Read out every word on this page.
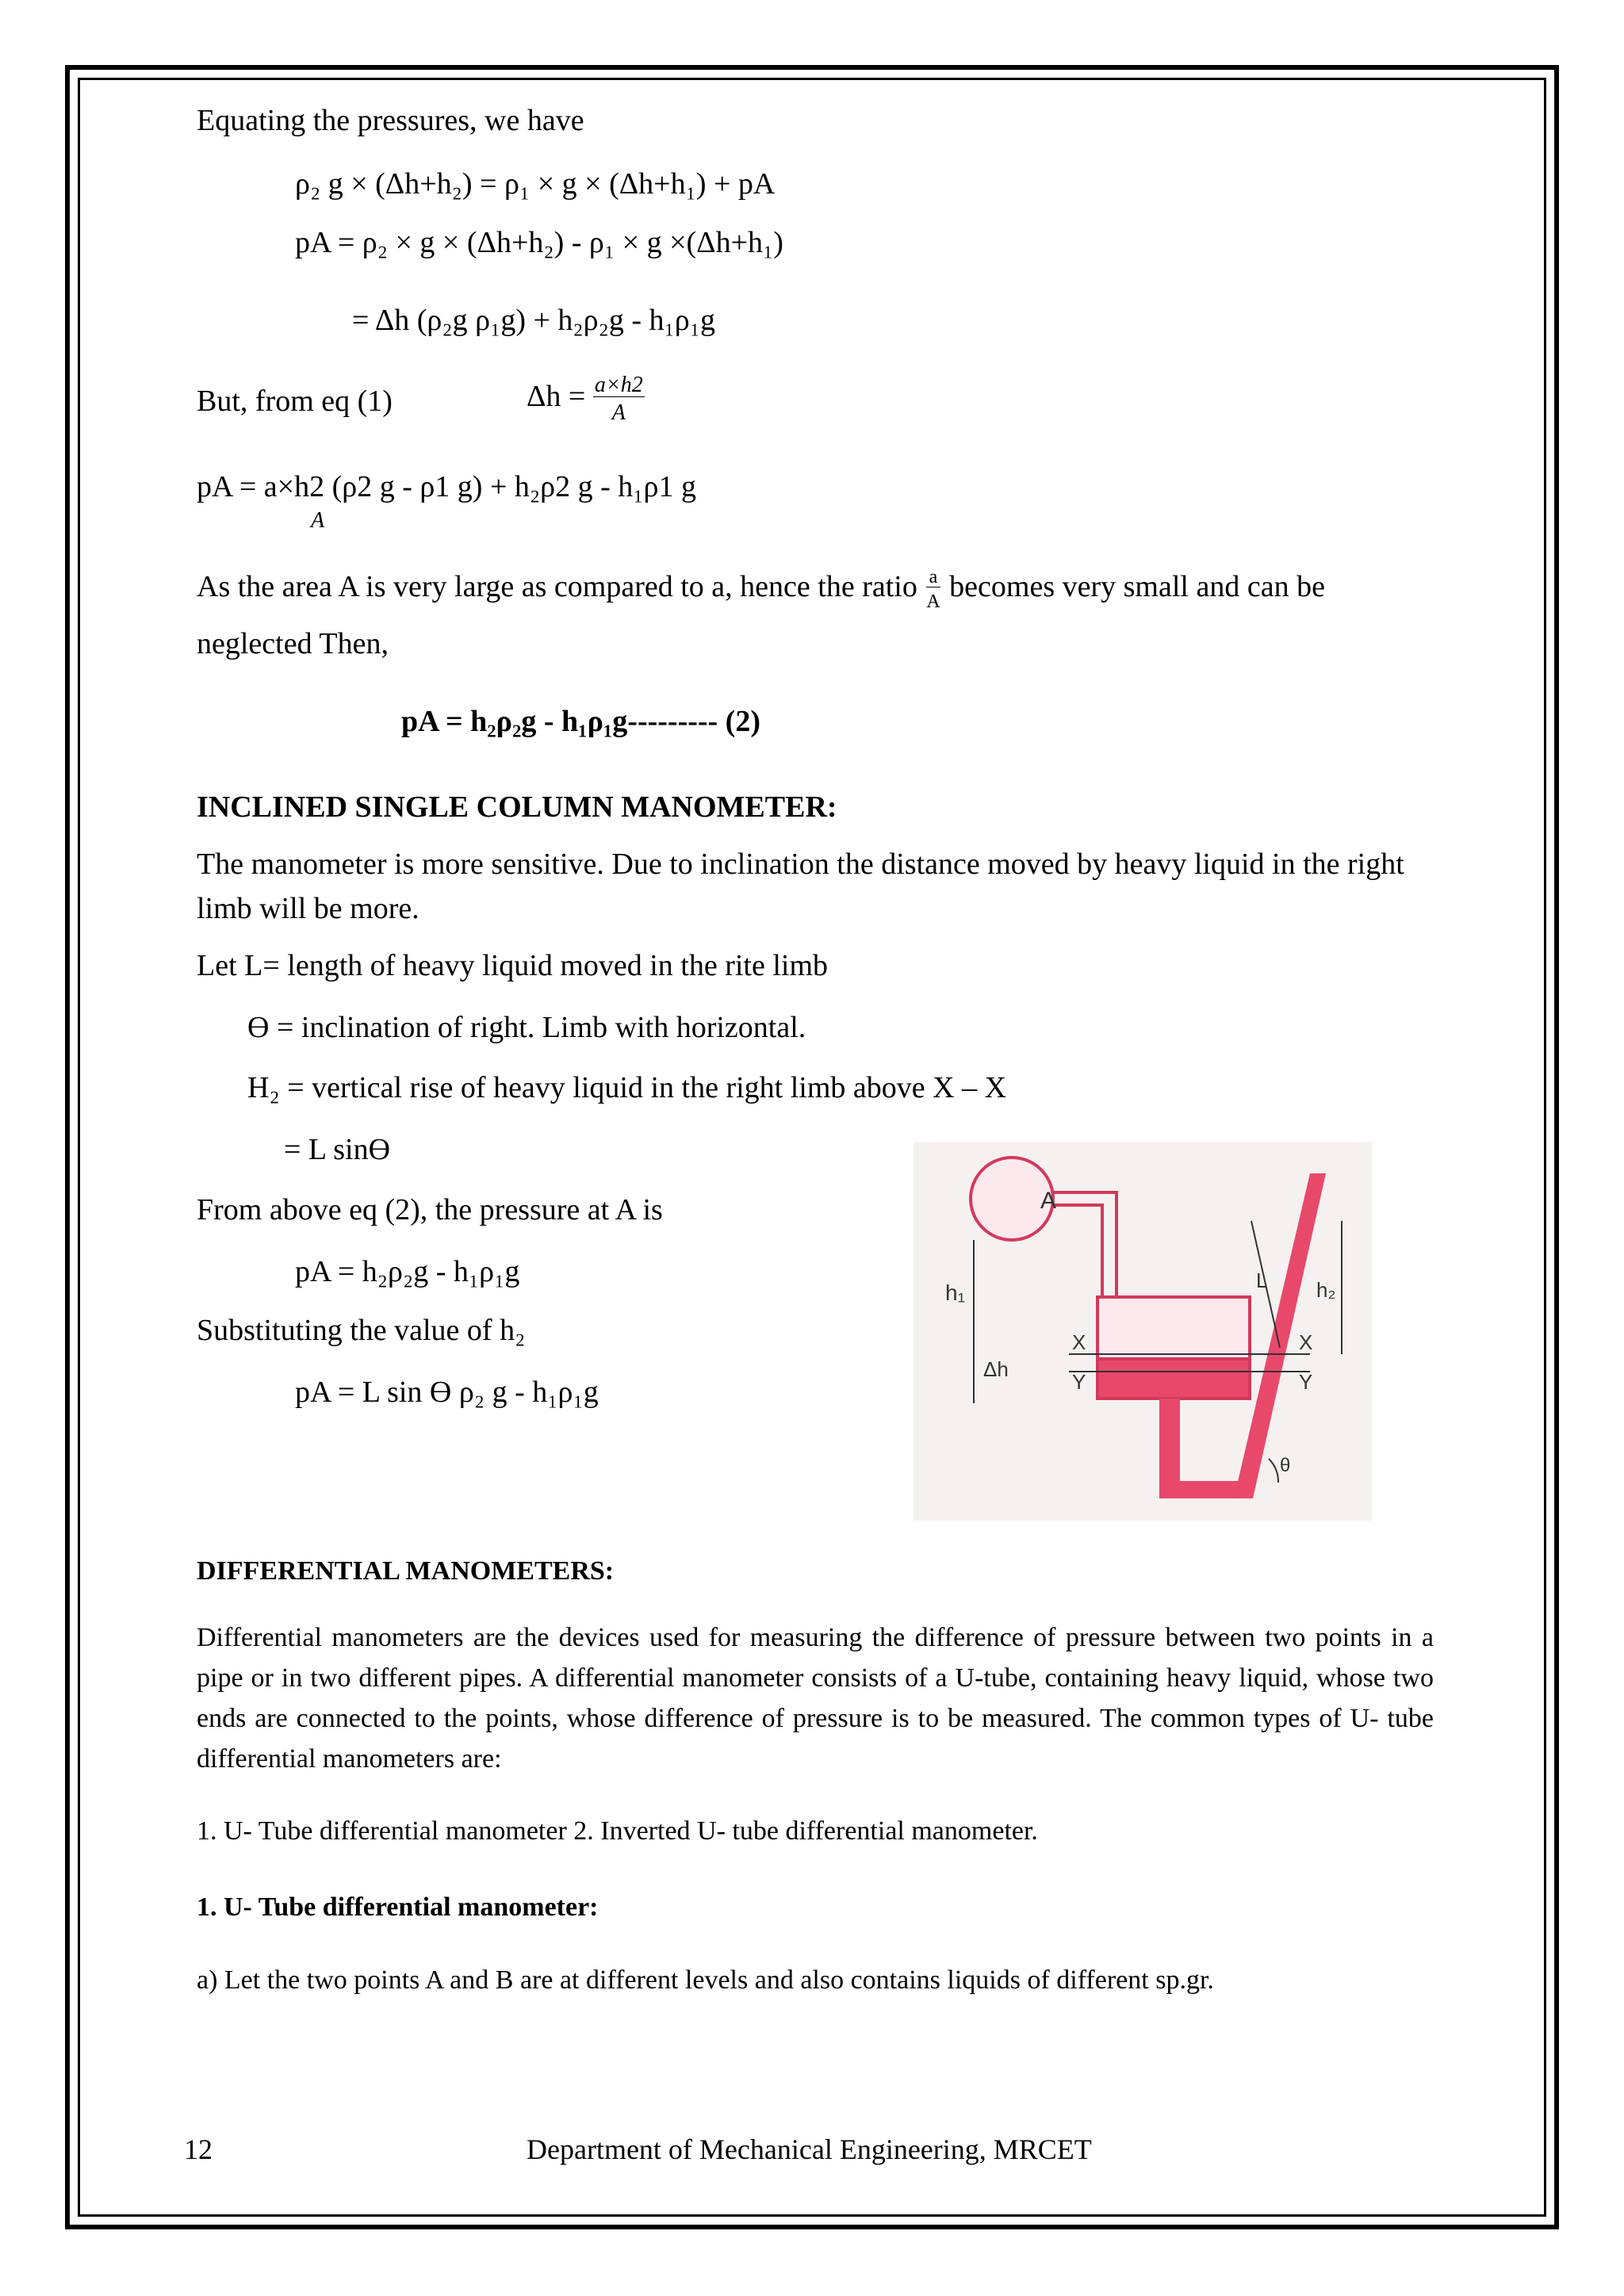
Equating the pressures, we have
ρ₂ g × (Δh+h₂) = ρ₁ × g × (Δh+h₁) + pA
pA = ρ₂ × g × (Δh+h₂) - ρ₁ × g ×(Δh+h₁)
= Δh (ρ₂g ρ₁g) + h₂ρ₂g - h₁ρ₁g
But, from eq (1)	$\Delta h = \frac{a\times h2}{A}$
pA = a×h2 (ρ2 g - ρ1 g) + h₂ρ2 g - h₁ρ1 g
A
As the area A is very large as compared to a, hence the ratio $\frac{a}{A}$ becomes very small and can be
neglected Then,
pA = h₂ρ₂g - h₁ρ₁g--------- (2)
INCLINED SINGLE COLUMN MANOMETER:
The manometer is more sensitive. Due to inclination the distance moved by heavy liquid in the right limb will be more.
Let L= length of heavy liquid moved in the rite limb
ϴ = inclination of right. Limb with horizontal.
H₂ = vertical rise of heavy liquid in the right limb above X – X
= L sinϴ
From above eq (2), the pressure at A is
pA = h₂ρ₂g - h₁ρ₁g
Substituting the value of h₂
pA = L sin ϴ ρ₂ g - h₁ρ₁g
A
h₁
Δh
X
Y
X
Y
L h₂
θ
DIFFERENTIAL MANOMETERS:
Differential manometers are the devices used for measuring the difference of pressure between two points in a pipe or in two different pipes. A differential manometer consists of a U-tube, containing heavy liquid, whose two ends are connected to the points, whose difference of pressure is to be measured. The common types of U- tube differential manometers are:
1. U- Tube differential manometer 2. Inverted U- tube differential manometer.
1. U- Tube differential manometer:
a) Let the two points A and B are at different levels and also contains liquids of different sp.gr.
12	Department of Mechanical Engineering, MRCET
